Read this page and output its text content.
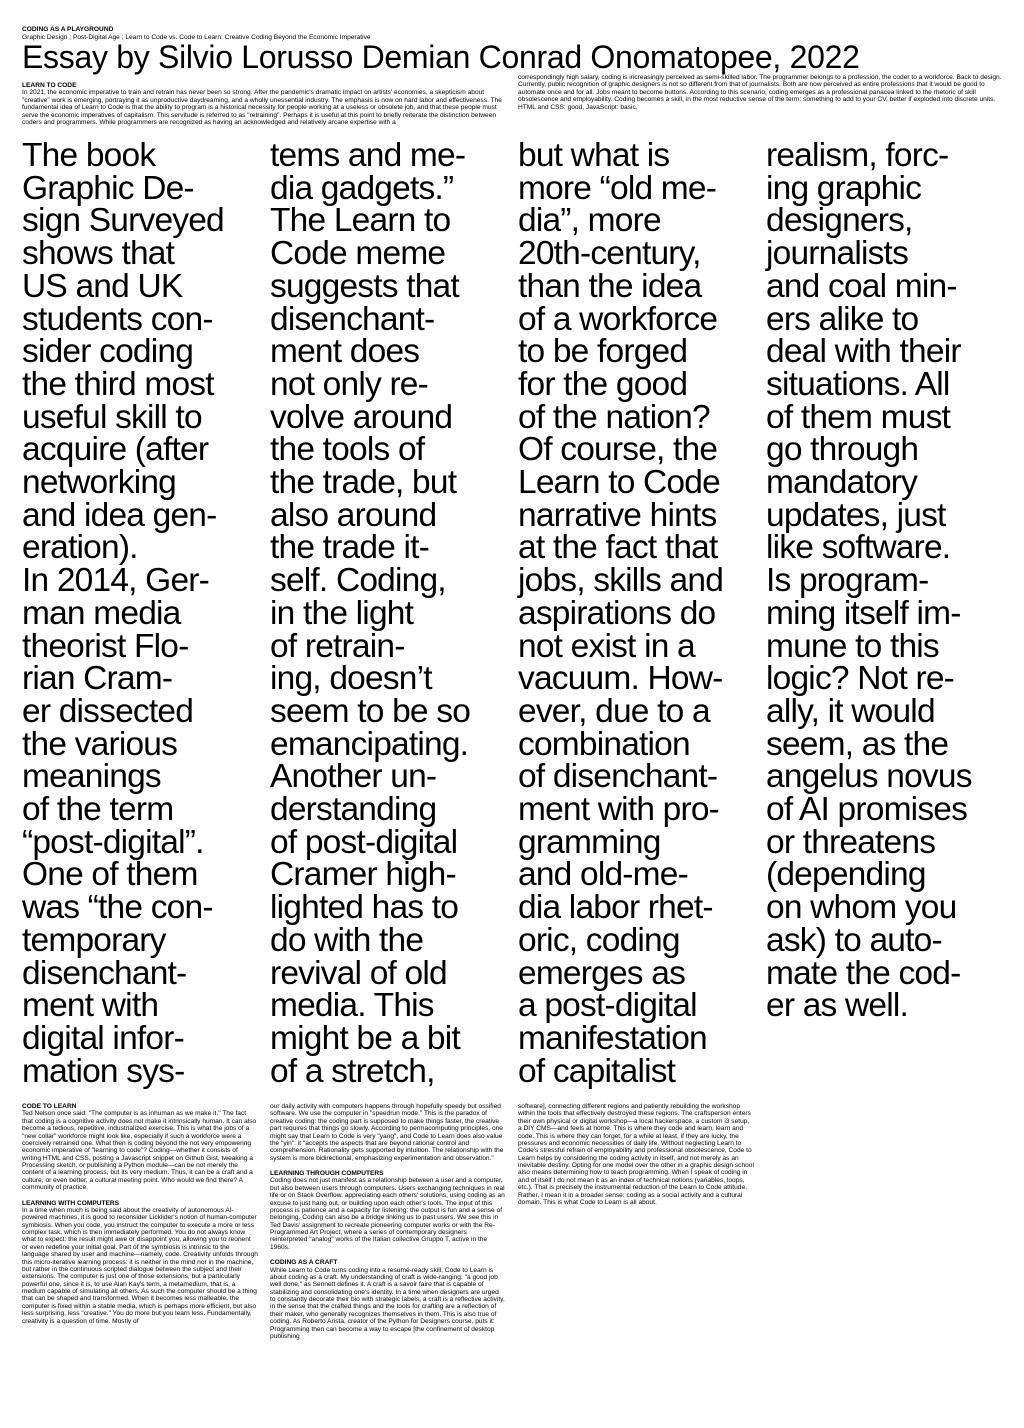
CODING AS A PLAYGROUND

Graphic Design ; Post-Digital Age ; Learn to Code vs. Code to Learn: Creative Coding Beyond the Economic Imperative

Essay by Silvio Lorusso Demian Conrad Onomatopee, 2022

LEARN TO CODE

In 2021, the economic imperative to train and retrain has never been so strong. After the pandemic's dramatic impact on artists' economies, a skepticism about "creative" work is emerging, portraying it as unproductive daydreaming, and a wholly unessential industry. The emphasis is now on hard labor and effectiveness. The fundamental idea of Learn to Code is that the ability to program is a historical necessity for people working at a useless or obsolete job, and that these people must serve the economic imperatives of capitalism. This servitude is referred to as "retraining". Perhaps it is useful at this point to briefly reiterate the distinction between coders and programmers. While programmers are recognized as having an acknowledged and relatively arcane expertise with a

correspondingly high salary, coding is increasingly perceived as semi-skilled labor. The programmer belongs to a profession, the coder to a workforce. Back to design. Currently, public recognition of graphic designers is not so different from that of journalists. Both are now perceived as entire professions that it would be good to automate once and for all. Jobs meant to become buttons. According to this scenario, coding emerges as a professional panacea linked to the rhetoric of skill obsolescence and employability. Coding becomes a skill, in the most reductive sense of the term: something to add to your CV, better if exploded into discrete units. HTML and CSS: good, JavaScript: basic.

The book
Graphic De-
sign Surveyed
shows that
US and UK
students con-
sider coding
the third most
useful skill to
acquire (after
networking
and idea gen-
eration).
In 2014, Ger-
man media
theorist Flo-
rian Cram-
er dissected
the various
meanings
of the term
“post-digital”.
One of them
was “the con-
temporary
disenchant-
ment with
digital infor-
mation sys-

tems and me-
dia gadgets.”
The Learn to
Code meme
suggests that
disenchant-
ment does
not only re-
volve around
the tools of
the trade, but
also around
the trade it-
self. Coding,
in the light
of retrain-
ing, doesn’t
seem to be so
emancipating.
Another un-
derstanding
of post-digital
Cramer high-
lighted has to
do with the
revival of old
media. This
might be a bit
of a stretch,

but what is
more “old me-
dia”, more
20th-century,
than the idea
of a workforce
to be forged
for the good
of the nation?
Of course, the
Learn to Code
narrative hints
at the fact that
jobs, skills and
aspirations do
not exist in a
vacuum. How-
ever, due to a
combination
of disenchant-
ment with pro-
gramming
and old-me-
dia labor rhet-
oric, coding
emerges as
a post-digital
manifestation
of capitalist

realism, forc-
ing graphic
designers,
journalists
and coal min-
ers alike to
deal with their
situations. All
of them must
go through
mandatory
updates, just
like software.
Is program-
ming itself im-
mune to this
logic? Not re-
ally, it would
seem, as the
angelus novus
of AI promises
or threatens
(depending
on whom you
ask) to auto-
mate the cod-
er as well.

CODE TO LEARN

Ted Nelson once said: "The computer is as inhuman as we make it." The fact that coding is a cognitive activity does not make it intrinsically human. It can also become a tedious, repetitive, industrialized exercise. This is what the jobs of a "new collar" workforce might look like, especially if such a workforce were a coercively retrained one. What then is coding beyond the not very empowering economic imperative of "learning to code"? Coding—whether it consists of writing HTML and CSS, posting a Javascript snippet on Github Gist, tweaking a Processing sketch, or publishing a Python module—can be not merely the content of a learning process, but its very medium. Thus, it can be a craft and a culture, or even better, a cultural meeting point. Who would we find there? A community of practice.

LEARNING WITH COMPUTERS

In a time when much is being said about the creativity of autonomous AI-powered machines, it is good to reconsider Licklider's notion of human-computer symbiosis. When you code, you instruct the computer to execute a more or less complex task, which is then immediately performed. You do not always know what to expect: the result might awe or disappoint you, allowing you to reorient or even redefine your initial goal. Part of the symbiosis is intrinsic to the language shared by user and machine—namely, code. Creativity unfolds through this micro-iterative learning process: it is neither in the mind nor in the machine, but rather in the continuous scripted dialogue between the subject and their extensions. The computer is just one of those extensions, but a particularly powerful one, since it is, to use Alan Kay's term, a metamedium, that is, a medium capable of simulating all others. As such the computer should be a thing that can be shaped and transformed. When it becomes less malleable, the computer is fixed within a stable media, which is perhaps more efficient, but also less surprising, less "creative." You do more but you learn less. Fundamentally, creativity is a question of time. Mostly of

our daily activity with computers happens through hopefully speedy but ossified software. We use the computer in "speedrun mode." This is the paradox of creative coding: the coding part is supposed to make things faster, the creative part requires that things go slowly. According to permacomputing principles, one might say that Learn to Code is very "yang", and Code to Learn does also value the "yin": it "accepts the aspects that are beyond rational control and comprehension. Rationality gets supported by intuition. The relationship with the system is more bidirectional, emphasizing experimentation and observation."

LEARNING THROUGH COMPUTERS

Coding does not just manifest as a relationship between a user and a computer, but also between users through computers. Users exchanging techniques in real life or on Stack Overflow, appreciating each others' solutions, using coding as an excuse to just hang out, or building upon each other's tools. The input of this process is patience and a capacity for listening: the output is fun and a sense of belonging. Coding can also be a bridge linking us to past users. We see this in Ted Davis' assignment to recreate pioneering computer works or with the Re-Programmed Art Project, where a series of contemporary designers reinterpreted "analog" works of the Italian collective Gruppo T, active in the 1960s.

CODING AS A CRAFT

While Learn to Code turns coding into a resumé-ready skill, Code to Learn is about coding as a craft. My understanding of craft is wide-ranging: "a good job well done," as Sennett defines it. A craft is a savoir faire that is capable of stabilizing and consolidating one's identity. In a time when designers are urged to constantly decorate their bio with strategic labels, a craft is a reflective activity, in the sense that the crafted things and the tools for crafting are a reflection of their maker, who generally recognizes themselves in them. This is also true of coding. As Roberto Arista, creator of the Python for Designers course, puts it: Programming then can become a way to escape [the confinement of desktop publishing

software], connecting different regions and patiently rebuilding the workshop within the tools that effectively destroyed these regions. The craftsperson enters their own physical or digital workshop—a local hackerspace, a custom i3 setup, a DIY CMS—and feels at home. This is where they code and learn, learn and code. This is where they can forget, for a while at least, if they are lucky, the pressures and economic necessities of daily life. Without neglecting Learn to Code's stressful refrain of employability and professional obsolescence, Code to Learn helps by considering the coding activity in itself, and not merely as an inevitable destiny. Opting for one model over the other in a graphic design school also means determining how to teach programming. When I speak of coding in and of itself I do not mean it as an index of technical notions (variables, loops, etc.). That is precisely the instrumental reduction of the Learn to Code attitude. Rather, I mean it in a broader sense: coding as a social activity and a cultural domain. This is what Code to Learn is all about.
